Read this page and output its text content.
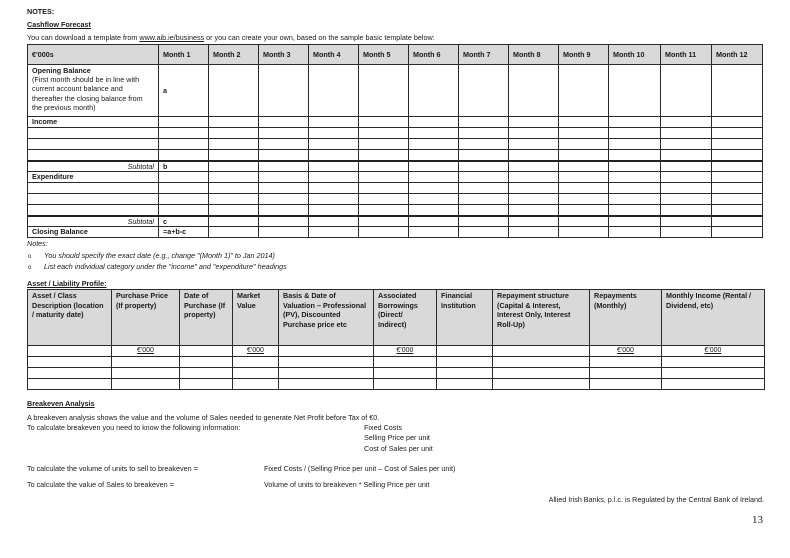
NOTES:
Cashflow Forecast
You can download a template from www.aib.ie/business or you can create your own, based on the sample basic template below:
€'000s	Month 1	Month 2	Month 3	Month 4	Month 5	Month 6	Month 7	Month 8	Month 9	Month 10	Month 11	Month 12

Opening Balance
(First month should be in line with current account balance and thereafter the closing balance from the previous month)	a											
Income												

Subtotal	b											
Expenditure												

Subtotal	c											
Closing Balance	=a+b-c											
Notes:
o You should specify the exact date (e.g., change "(Month 1)" to Jan 2014)
o List each individual category under the "income" and "expenditure" headings
Asset / Liability Profile:
Asset / Class Description (location / maturity date)	Purchase Price (If property)	Date of Purchase (If property)	Market Value	Basis & Date of Valuation – Professional (PV), Discounted Purchase price etc	Associated Borrowings (Direct/ Indirect)	Financial Institution	Repayment structure (Capital & Interest, Interest Only, Interest Roll-Up)	Repayments (Monthly)	Monthly Income (Rental / Dividend, etc)
	€'000		€'000		€'000			€'000	€'000

Breakeven Analysis
A breakeven analysis shows the value and the volume of Sales needed to generate Net Profit before Tax of €0.
To calculate breakeven you need to know the following information:	Fixed Costs
Selling Price per unit
Cost of Sales per unit
To calculate the volume of units to sell to breakeven =	Fixed Costs / (Selling Price per unit – Cost of Sales per unit)
To calculate the value of Sales to breakeven =	Volume of units to breakeven * Selling Price per unit
Allied Irish Banks, p.l.c. is Regulated by the Central Bank of Ireland.
13
